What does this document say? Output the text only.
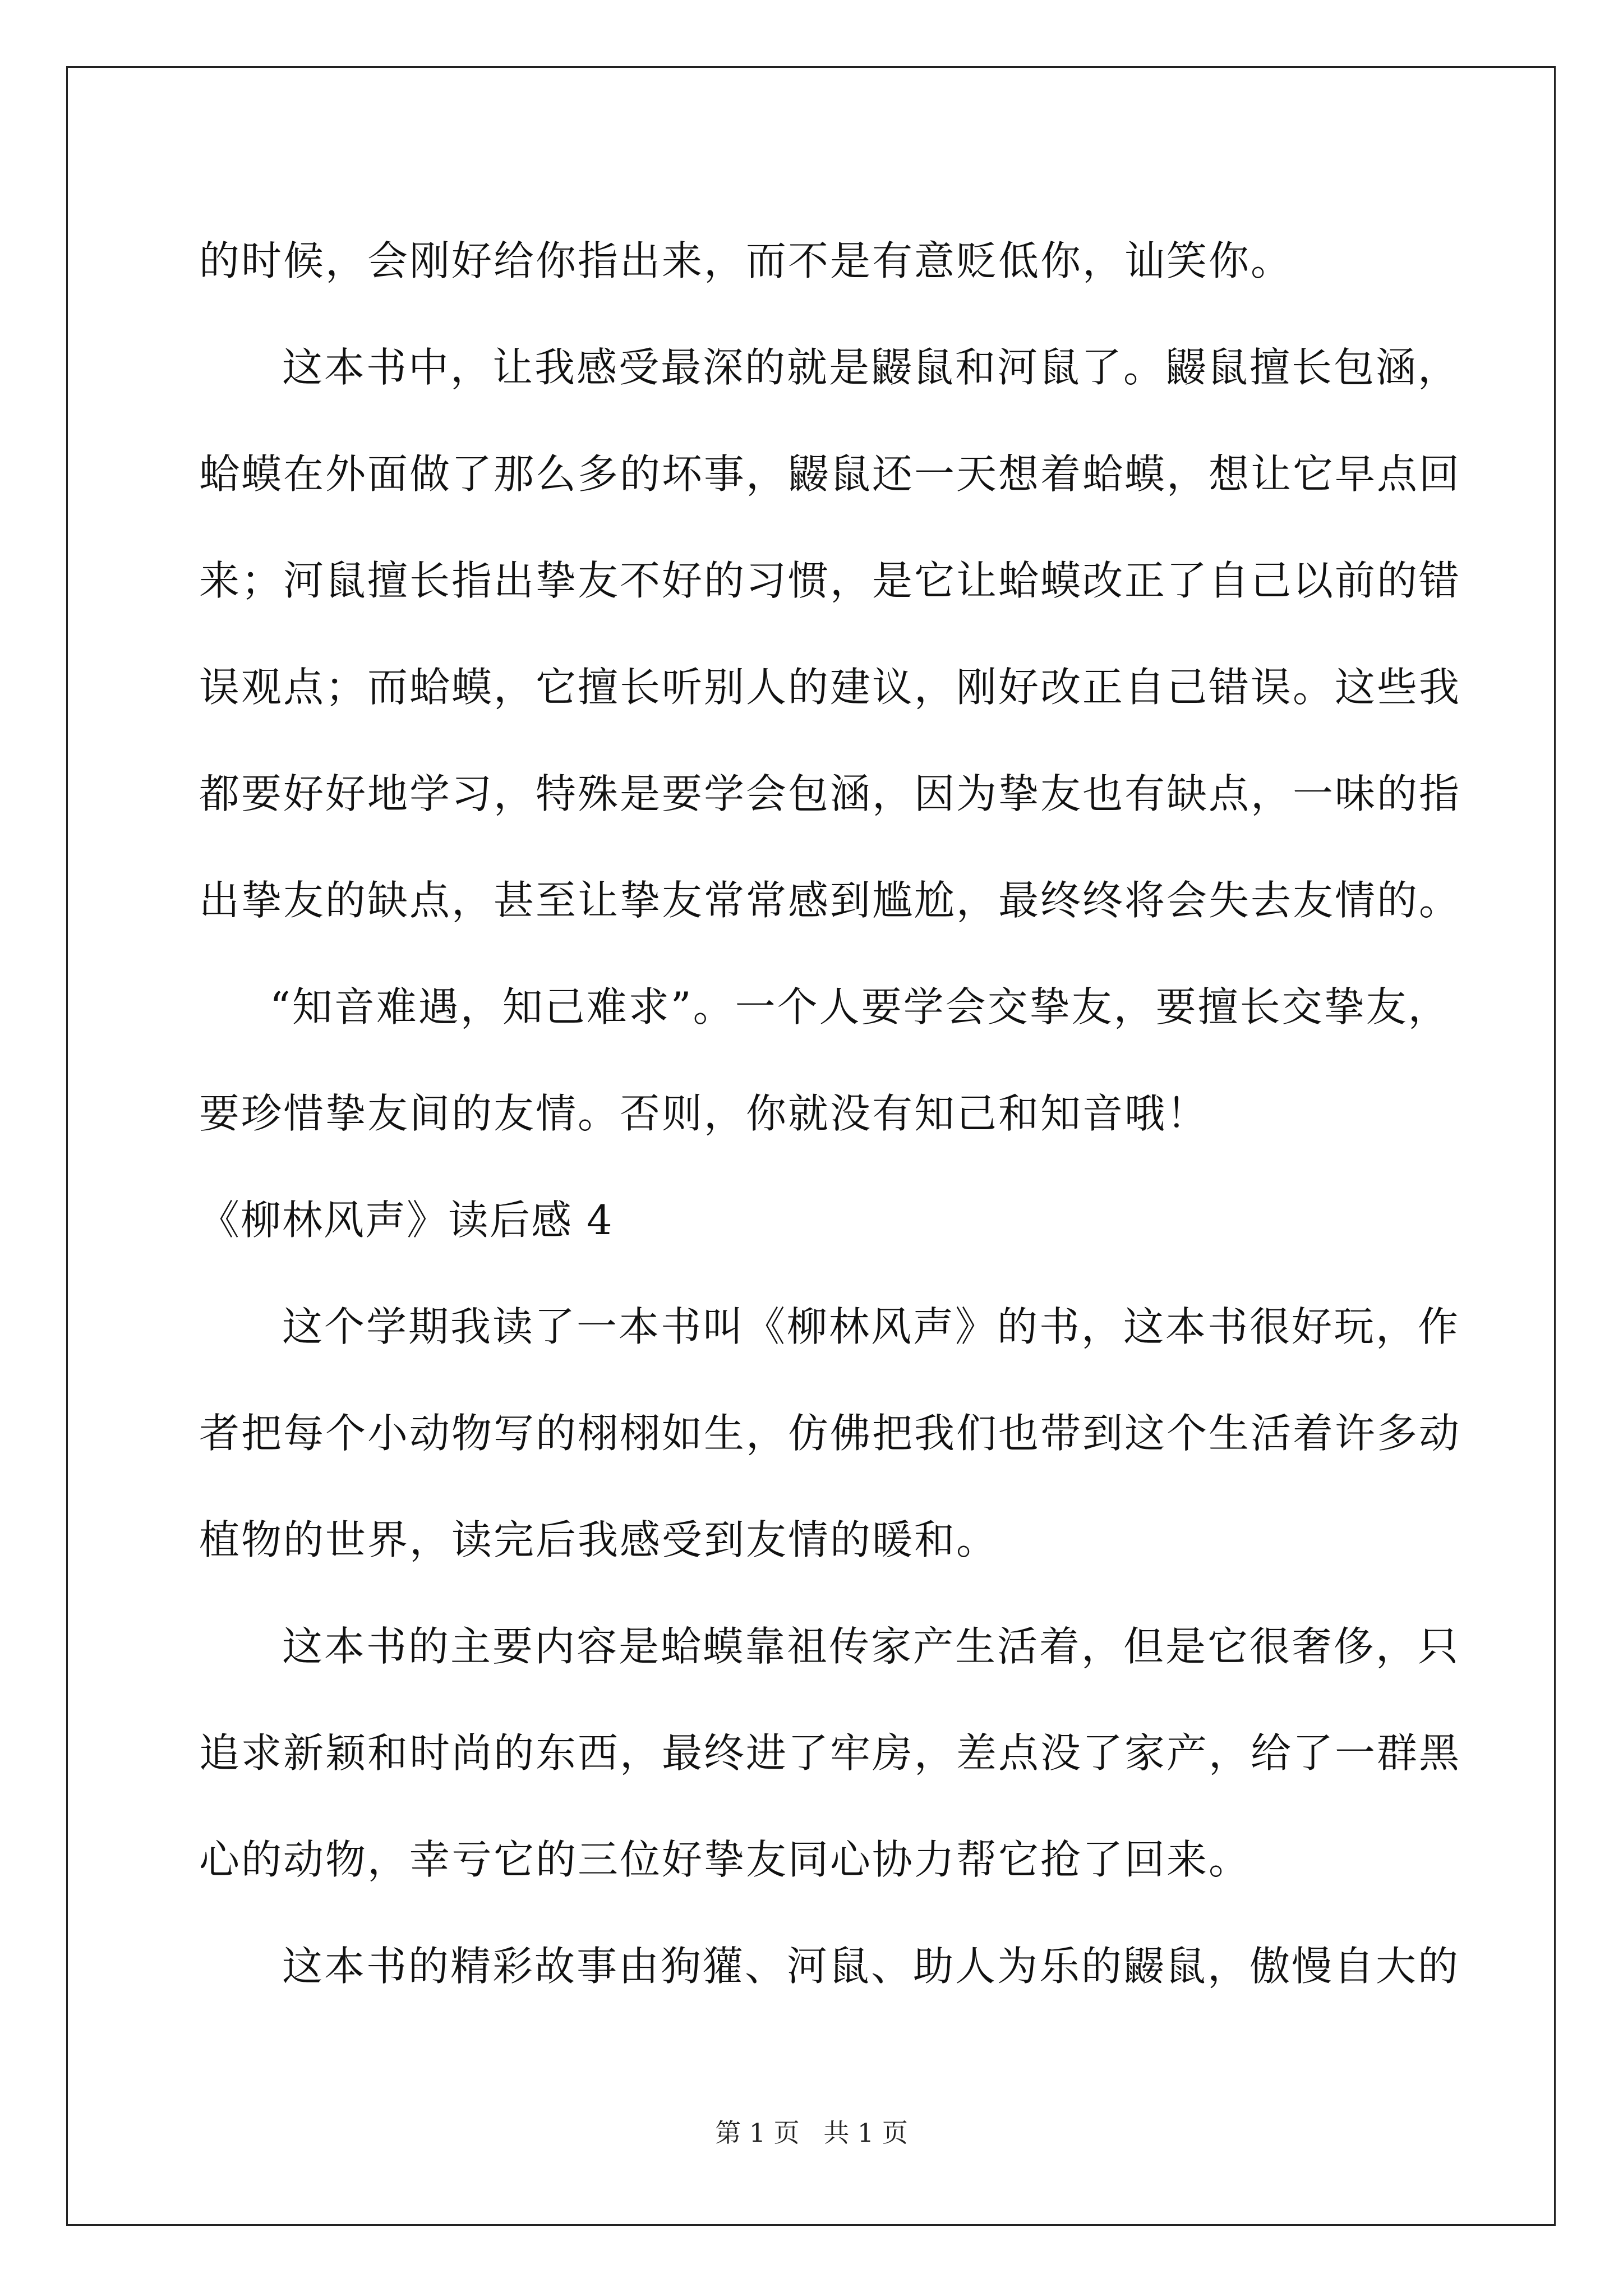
的时候，会刚好给你指出来，而不是有意贬低你，讪笑你。
这本书中，让我感受最深的就是鼹鼠和河鼠了。鼹鼠擅长包涵，
蛤蟆在外面做了那么多的坏事，鼹鼠还一天想着蛤蟆，想让它早点回
来；河鼠擅长指出挚友不好的习惯，是它让蛤蟆改正了自己以前的错
误观点；而蛤蟆，它擅长听别人的建议，刚好改正自己错误。这些我
都要好好地学习，特殊是要学会包涵，因为挚友也有缺点，一味的指
出挚友的缺点，甚至让挚友常常感到尴尬，最终终将会失去友情的。
“知音难遇，知己难求”。一个人要学会交挚友，要擅长交挚友，
要珍惜挚友间的友情。否则，你就没有知己和知音哦！
《柳林风声》读后感 4
这个学期我读了一本书叫《柳林风声》的书，这本书很好玩，作
者把每个小动物写的栩栩如生，仿佛把我们也带到这个生活着许多动
植物的世界，读完后我感受到友情的暖和。
这本书的主要内容是蛤蟆靠祖传家产生活着，但是它很奢侈，只
追求新颖和时尚的东西，最终进了牢房，差点没了家产，给了一群黑
心的动物，幸亏它的三位好挚友同心协力帮它抢了回来。
这本书的精彩故事由狗獾、河鼠、助人为乐的鼹鼠，傲慢自大的
第 1 页 共 1 页
